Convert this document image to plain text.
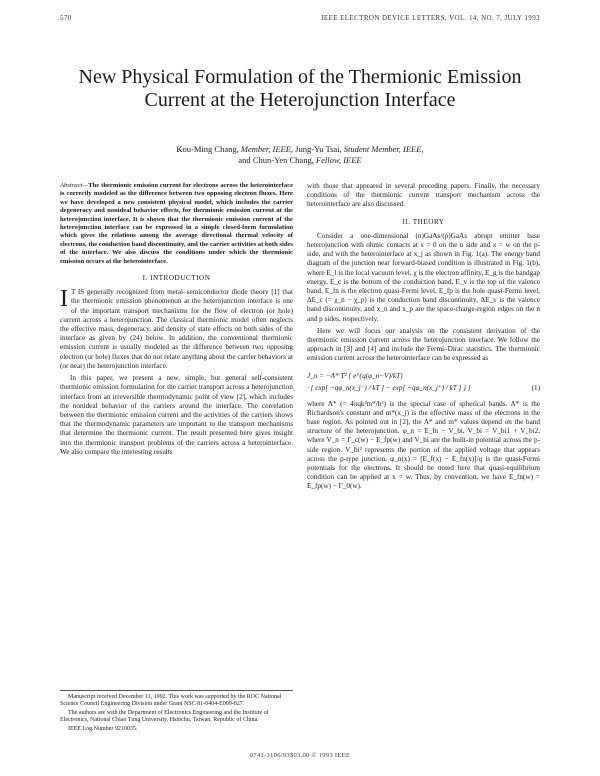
570	IEEE ELECTRON DEVICE LETTERS, VOL. 14, NO. 7, JULY 1993
New Physical Formulation of the Thermionic Emission Current at the Heterojunction Interface
Kou-Ming Chang, Member, IEEE, Jung-Yu Tsai, Student Member, IEEE,
and Chun-Yen Chang, Fellow, IEEE
Abstract—The thermionic emission current for electrons across the heterointerface is correctly modeled as the difference between two opposing electron fluxes. Here we have developed a new consistent physical model, which includes the carrier degeneracy and nonideal behavior effects, for thermionic emission current at the heterojunction interface. It is shown that the thermionic emission current of the heterojunction interface can be expressed in a simple closed-form formulation which gives the relations among the average directional thermal velocity of electrons, the conduction band discontinuity, and the carrier activities at both sides of the interface. We also discuss the conditions under which the thermionic emission occurs at the heterointerface.
I. INTRODUCTION

I T IS generally recognized from metal–semiconductor diode theory [1] that the thermionic emission phenomenon at the heterojunction interface is one of the important transport mechanisms for the flow of electron (or hole) current across a heterojunction. The classical thermionic model often neglects the effective mass, degeneracy, and density of state effects on both sides of the interface as given by (24) below. In addition, the conventional thermionic emission current is usually modeled as the difference between two opposing electron (or hole) fluxes that do not relate anything about the carrier behaviors at (or near) the heterojunction interface.

In this paper, we present a new, simple, but general self-consistent thermionic emission formulation for the carrier transport across a heterojunction interface from an irreversible thermodynamic point of view [2], which includes the nonideal behavior of the carriers around the interface. The correlation between the thermionic emission current and the activities of the carriers shows that the thermodynamic parameters are important to the transport mechanisms that determine the thermionic current. The result presented here gives insight into the thermionic transport problems of the carriers across a heterointerface. We also compare the interesting results

with those that appeared in several preceding papers. Finally, the necessary conditions of the thermionic current transport mechanism across the heterointerface are also discussed.

II. THEORY

Consider a one-dimensional (n)GaAs/(p)GaAs abrupt emitter base heterojunction with ohmic contacts at x = 0 on the n side and x = w on the p-side, and with the heterointerface at x_j as shown in Fig. 1(a). The energy band diagram of the junction near forward-biased condition is illustrated in Fig. 1(b), where E_l is the local vacuum level, χ is the electron affinity, E_g is the bandgap energy, E_c is the bottom of the conduction band, E_v is the top of the valence band, E_fn is the electron quasi-Fermi level, E_fp is the hole quasi-Fermi level, ΔE_c (= χ_n − χ_p) is the conduction band discontinuity, ΔE_v is the valence band discontinuity, and x_n and x_p are the space-charge-region edges on the n and p sides, respectively.

Here we will focus our analysis on the consistent derivation of the thermionic emission current across the heterojunction interface. We follow the approach in [3] and [4] and include the Fermi–Dirac statistics. The thermionic emission current across the heterointerface can be expressed as

J_n = −A* T² [ e^{q(φ_n−V)/kT}
· { exp[ −qφ_n(x_j⁻) / kT ] − exp[ −qφ_n(x_j⁺) / kT ] } ]	(1)

where A* (= 4πqk²m*/h³) is the special case of spherical bands. A* is the Richardson's constant and m*(x_j) is the effective mass of the electrons in the base region. As pointed out in [2], the A* and m* values depend on the band structure of the heterojunction. φ_n = E_fn − V_bi, V_bi = V_bi1 + V_bi2, where V_n = Γ_c(w) − E_fp(w) and V_bi are the built-in potential across the p-side region. V_bi² represents the portion of the applied voltage that appears across the p-type junction. φ_n(x) = [E_f(x) − E_fn(x)]/q is the quasi-Fermi potentials for the electrons. It should be noted here that quasi-equilibrium condition can be applied at x = w. Thus, by convention, we have E_fn(w) = E_fp(w) − Γ_0(w).

Manuscript received December 11, 1992. This work was supported by the ROC National Science Council Engineering Division under Grant NSC 81-0404-E009-027.

The authors are with the Department of Electronics Engineering and the Institute of Electronics, National Chiao Tung University, Hsinchu, Taiwan, Republic of China.

IEEE Log Number 9210035.

0741-3106/93$03.00 © 1993 IEEE
